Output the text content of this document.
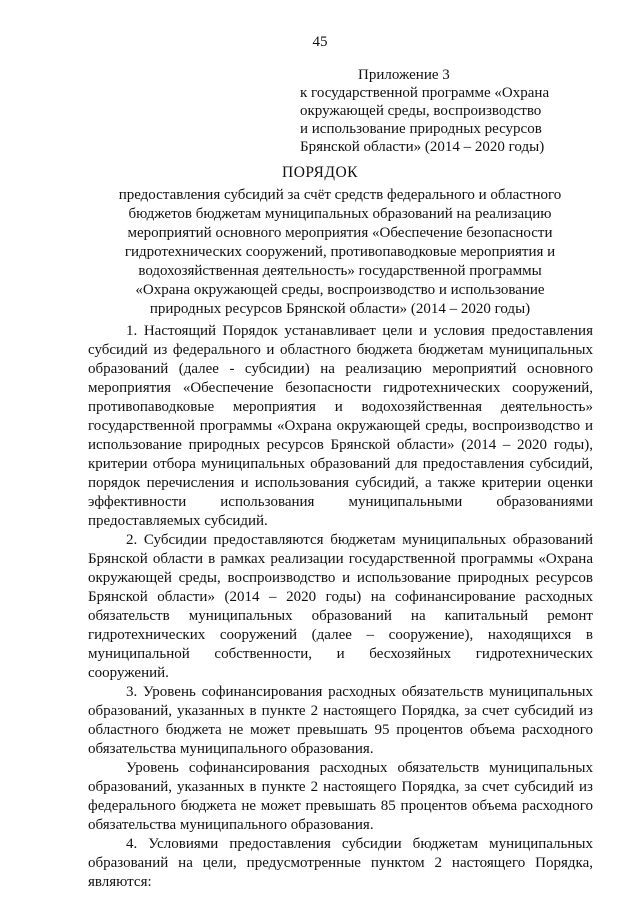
45
Приложение 3
к государственной программе «Охрана
окружающей среды, воспроизводство
и использование природных ресурсов
Брянской области» (2014 – 2020 годы)
ПОРЯДОК
предоставления субсидий за счёт средств федерального и областного бюджетов бюджетам муниципальных образований на реализацию мероприятий основного мероприятия «Обеспечение безопасности гидротехнических сооружений, противопаводковые мероприятия и водохозяйственная деятельность» государственной программы «Охрана окружающей среды, воспроизводство и использование природных ресурсов Брянской области» (2014 – 2020 годы)

1. Настоящий Порядок устанавливает цели и условия предоставления субсидий из федерального и областного бюджета бюджетам муниципальных образований (далее - субсидии) на реализацию мероприятий основного мероприятия «Обеспечение безопасности гидротехнических сооружений, противопаводковые мероприятия и водохозяйственная деятельность» государственной программы «Охрана окружающей среды, воспроизводство и использование природных ресурсов Брянской области» (2014 – 2020 годы), критерии отбора муниципальных образований для предоставления субсидий, порядок перечисления и использования субсидий, а также критерии оценки эффективности использования муниципальными образованиями предоставляемых субсидий.

2. Субсидии предоставляются бюджетам муниципальных образований Брянской области в рамках реализации государственной программы «Охрана окружающей среды, воспроизводство и использование природных ресурсов Брянской области» (2014 – 2020 годы) на софинансирование расходных обязательств муниципальных образований на капитальный ремонт гидротехнических сооружений (далее – сооружение), находящихся в муниципальной собственности, и бесхозяйных гидротехнических сооружений.

3. Уровень софинансирования расходных обязательств муниципальных образований, указанных в пункте 2 настоящего Порядка, за счет субсидий из областного бюджета не может превышать 95 процентов объема расходного обязательства муниципального образования.

Уровень софинансирования расходных обязательств муниципальных образований, указанных в пункте 2 настоящего Порядка, за счет субсидий из федерального бюджета не может превышать 85 процентов объема расходного обязательства муниципального образования.

4. Условиями предоставления субсидии бюджетам муниципальных образований на цели, предусмотренные пунктом 2 настоящего Порядка, являются:
